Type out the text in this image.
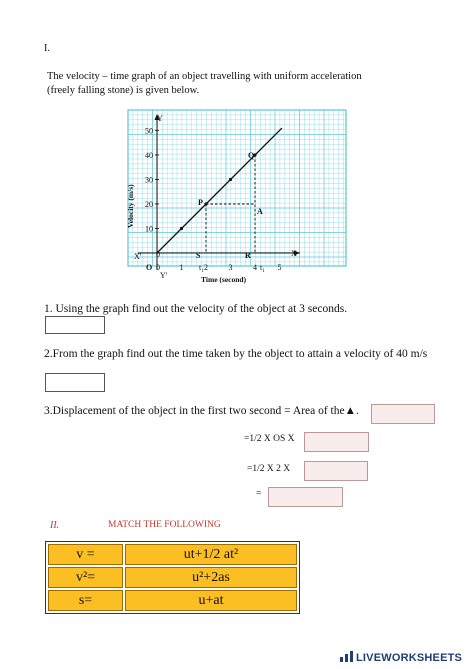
I.
The velocity – time graph of an object travelling with uniform acceleration (freely falling stone) is given below.
Y
X
X'
Y'
O 0
0
50
40
30
20
10
1	2	3	4	5
P
Q
A
R
S
$t_1$	$t_1$
Velocity (m/s)
Time (second)
1. Using the graph find out the velocity of the object at 3 seconds.
2.From the graph find out the time taken by the object to attain a velocity of 40 m/s
3.Displacement of the object in the first two second = Area of the▲.
=1/2 X OS X
=1/2 X 2 X
=
II.	MATCH THE FOLLOWING
v =	ut+1/2 at²
v²=	u²+2as
s=	u+at
LIVEWORKSHEETS
